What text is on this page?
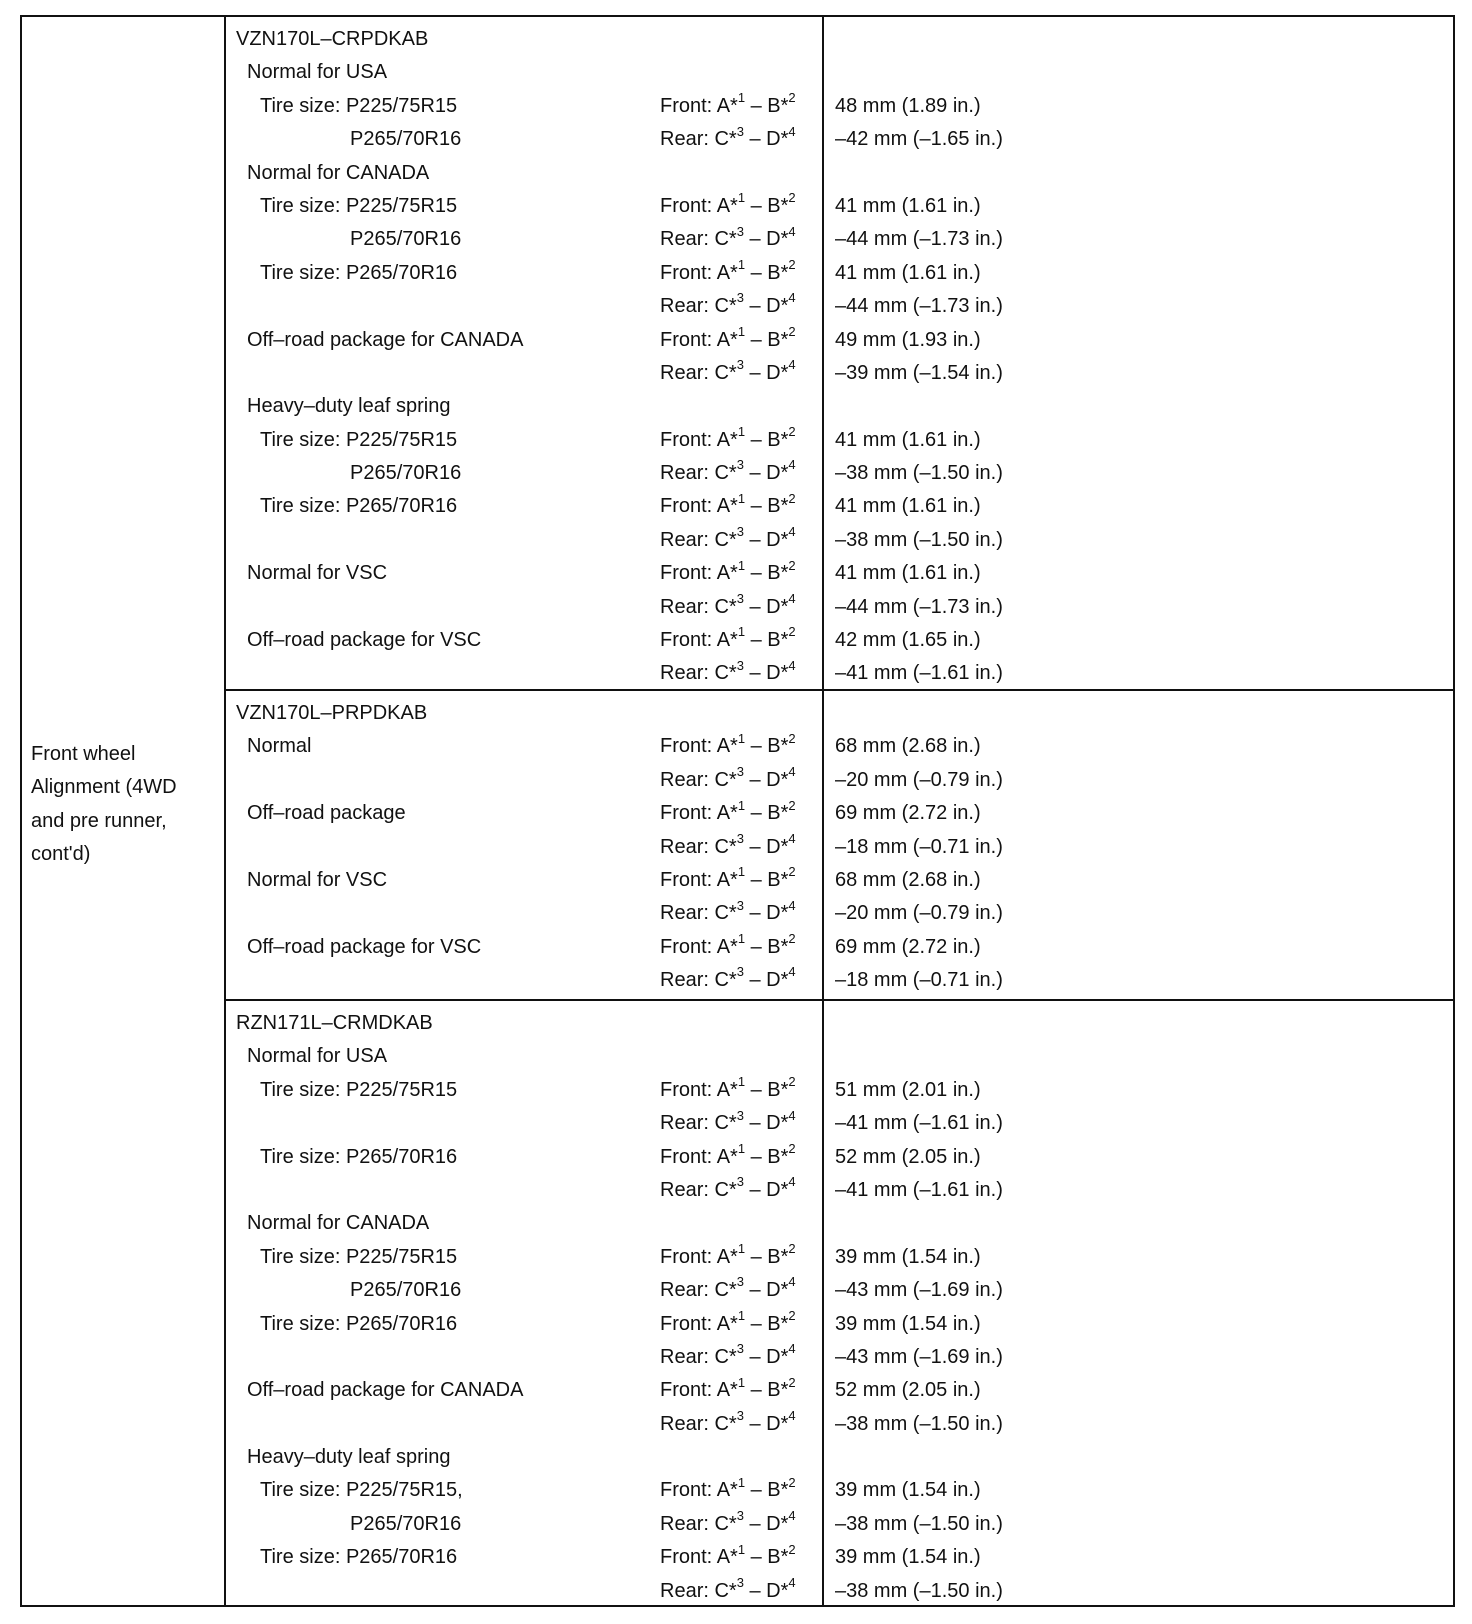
Front wheel
Alignment (4WD
and pre runner,
cont'd)
VZN170L–CRPDKAB
Normal for USA
Tire size: P225/75R15	Front: A*$^1$ – B*$^2$ 48 mm (1.89 in.)
P265/70R16	Rear: C*$^3$ – D*$^4$ –42 mm (–1.65 in.)
Normal for CANADA
Tire size: P225/75R15	Front: A*$^1$ – B*$^2$ 41 mm (1.61 in.)
P265/70R16	Rear: C*$^3$ – D*$^4$ –44 mm (–1.73 in.)
Tire size: P265/70R16	Front: A*$^1$ – B*$^2$ 41 mm (1.61 in.)
Rear: C*$^3$ – D*$^4$ –44 mm (–1.73 in.)
Off–road package for CANADA	Front: A*$^1$ – B*$^2$ 49 mm (1.93 in.)
Rear: C*$^3$ – D*$^4$ –39 mm (–1.54 in.)
Heavy–duty leaf spring
Tire size: P225/75R15	Front: A*$^1$ – B*$^2$ 41 mm (1.61 in.)
P265/70R16	Rear: C*$^3$ – D*$^4$ –38 mm (–1.50 in.)
Tire size: P265/70R16	Front: A*$^1$ – B*$^2$ 41 mm (1.61 in.)
Rear: C*$^3$ – D*$^4$ –38 mm (–1.50 in.)
Normal for VSC	Front: A*$^1$ – B*$^2$ 41 mm (1.61 in.)
Rear: C*$^3$ – D*$^4$ –44 mm (–1.73 in.)
Off–road package for VSC	Front: A*$^1$ – B*$^2$ 42 mm (1.65 in.)
Rear: C*$^3$ – D*$^4$ –41 mm (–1.61 in.)
VZN170L–PRPDKAB
Normal	Front: A*$^1$ – B*$^2$ 68 mm (2.68 in.)
Rear: C*$^3$ – D*$^4$ –20 mm (–0.79 in.)
Off–road package	Front: A*$^1$ – B*$^2$ 69 mm (2.72 in.)
Rear: C*$^3$ – D*$^4$ –18 mm (–0.71 in.)
Normal for VSC	Front: A*$^1$ – B*$^2$ 68 mm (2.68 in.)
Rear: C*$^3$ – D*$^4$ –20 mm (–0.79 in.)
Off–road package for VSC	Front: A*$^1$ – B*$^2$ 69 mm (2.72 in.)
Rear: C*$^3$ – D*$^4$ –18 mm (–0.71 in.)
RZN171L–CRMDKAB
Normal for USA
Tire size: P225/75R15	Front: A*$^1$ – B*$^2$ 51 mm (2.01 in.)
Rear: C*$^3$ – D*$^4$ –41 mm (–1.61 in.)
Tire size: P265/70R16	Front: A*$^1$ – B*$^2$ 52 mm (2.05 in.)
Rear: C*$^3$ – D*$^4$ –41 mm (–1.61 in.)
Normal for CANADA
Tire size: P225/75R15	Front: A*$^1$ – B*$^2$ 39 mm (1.54 in.)
P265/70R16	Rear: C*$^3$ – D*$^4$ –43 mm (–1.69 in.)
Tire size: P265/70R16	Front: A*$^1$ – B*$^2$ 39 mm (1.54 in.)
Rear: C*$^3$ – D*$^4$ –43 mm (–1.69 in.)
Off–road package for CANADA	Front: A*$^1$ – B*$^2$ 52 mm (2.05 in.)
Rear: C*$^3$ – D*$^4$ –38 mm (–1.50 in.)
Heavy–duty leaf spring
Tire size: P225/75R15,	Front: A*$^1$ – B*$^2$ 39 mm (1.54 in.)
P265/70R16	Rear: C*$^3$ – D*$^4$ –38 mm (–1.50 in.)
Tire size: P265/70R16	Front: A*$^1$ – B*$^2$ 39 mm (1.54 in.)
Rear: C*$^3$ – D*$^4$ –38 mm (–1.50 in.)
